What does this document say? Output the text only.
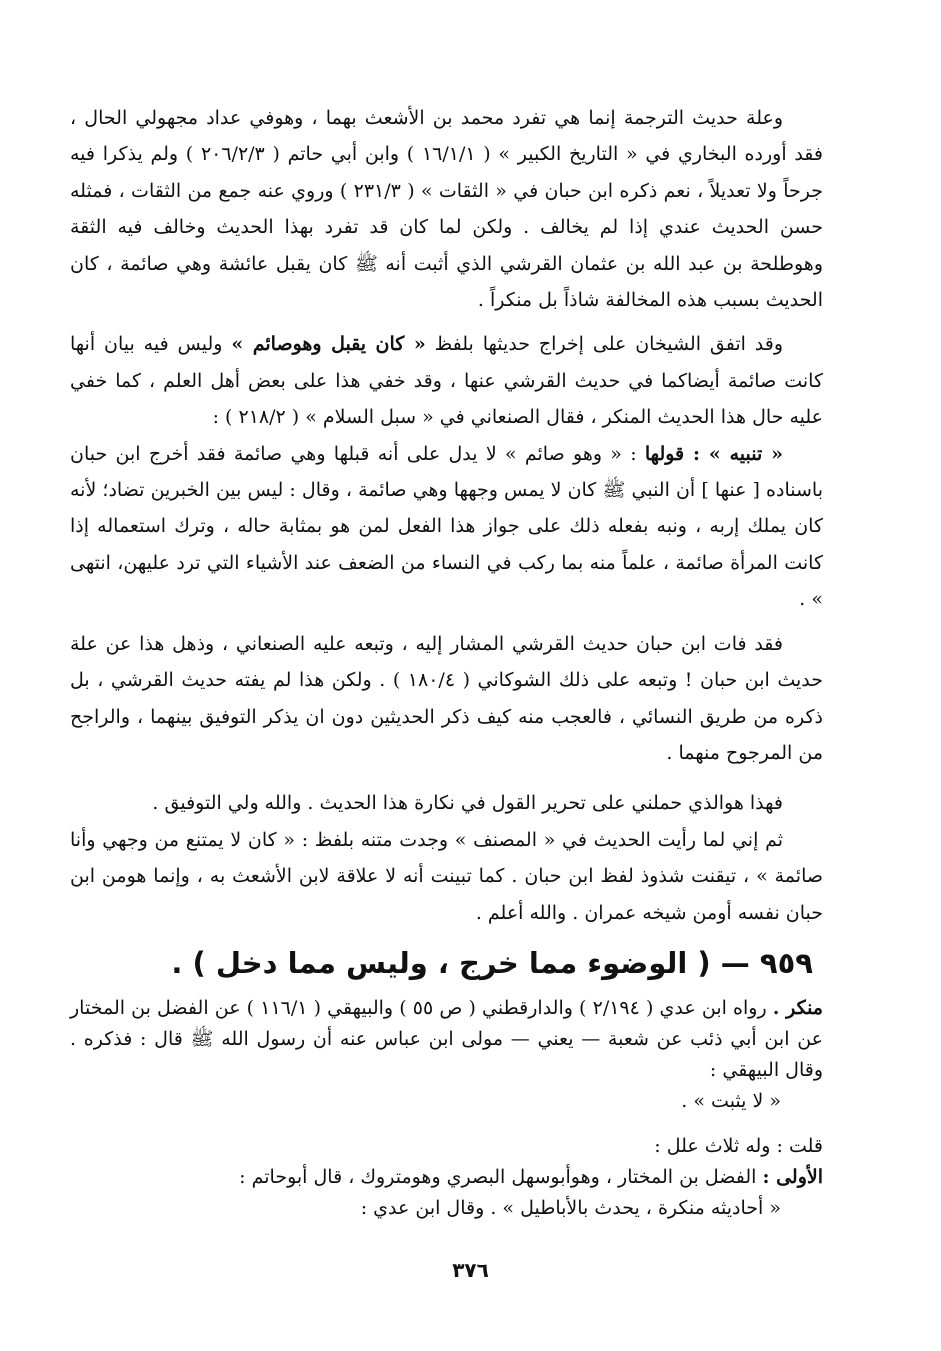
وعلة حديث الترجمة إنما هي تفرد محمد بن الأشعث بهما ، وهوفي عداد مجهولي الحال ، فقد أورده البخاري في « التاريخ الكبير » ( ١٦/١/١ ) وابن أبي حاتم ( ٢٠٦/٢/٣ ) ولم يذكرا فيه جرحاً ولا تعديلاً ، نعم ذكره ابن حبان في « الثقات » ( ٢٣١/٣ ) وروي عنه جمع من الثقات ، فمثله حسن الحديث عندي إذا لم يخالف . ولكن لما كان قد تفرد بهذا الحديث وخالف فيه الثقة وهوطلحة بن عبد الله بن عثمان القرشي الذي أثبت أنه ﷺ كان يقبل عائشة وهي صائمة ، كان الحديث بسبب هذه المخالفة شاذاً بل منكراً .

وقد اتفق الشيخان على إخراج حديثها بلفظ « كان يقبل وهوصائم » وليس فيه بيان أنها كانت صائمة أيضاكما في حديث القرشي عنها ، وقد خفي هذا على بعض أهل العلم ، كما خفي عليه حال هذا الحديث المنكر ، فقال الصنعاني في « سبل السلام » ( ٢١٨/٢ ) :

« تنبيه » : قولها : « وهو صائم » لا يدل على أنه قبلها وهي صائمة فقد أخرج ابن حبان باسناده [ عنها ] أن النبي ﷺ كان لا يمس وجهها وهي صائمة ، وقال : ليس بين الخبرين تضاد؛ لأنه كان يملك إربه ، ونبه بفعله ذلك على جواز هذا الفعل لمن هو بمثابة حاله ، وترك استعماله إذا كانت المرأة صائمة ، علماً منه بما ركب في النساء من الضعف عند الأشياء التي ترد عليهن، انتهى » .

فقد فات ابن حبان حديث القرشي المشار إليه ، وتبعه عليه الصنعاني ، وذهل هذا عن علة حديث ابن حبان ! وتبعه على ذلك الشوكاني ( ١٨٠/٤ ) . ولكن هذا لم يفته حديث القرشي ، بل ذكره من طريق النسائي ، فالعجب منه كيف ذكر الحديثين دون ان يذكر التوفيق بينهما ، والراجح من المرجوح منهما .

فهذا هوالذي حملني على تحرير القول في نكارة هذا الحديث . والله ولي التوفيق .

ثم إني لما رأيت الحديث في « المصنف » وجدت متنه بلفظ : « كان لا يمتنع من وجهي وأنا صائمة » ، تيقنت شذوذ لفظ ابن حبان . كما تبينت أنه لا علاقة لابن الأشعث به ، وإنما هومن ابن حبان نفسه أومن شيخه عمران . والله أعلم .

٩٥٩ — ( الوضوء مما خرج ، وليس مما دخل ) .

منكر . رواه ابن عدي ( ٢/١٩٤ ) والدارقطني ( ص ٥٥ ) والبيهقي ( ١١٦/١ ) عن الفضل بن المختار عن ابن أبي ذئب عن شعبة — يعني — مولى ابن عباس عنه أن رسول الله ﷺ قال : فذكره . وقال البيهقي :

« لا يثبت » .

قلت : وله ثلاث علل :

الأولى : الفضل بن المختار ، وهوأبوسهل البصري وهومتروك ، قال أبوحاتم :

« أحاديثه منكرة ، يحدث بالأباطيل » . وقال ابن عدي :

٣٧٦
